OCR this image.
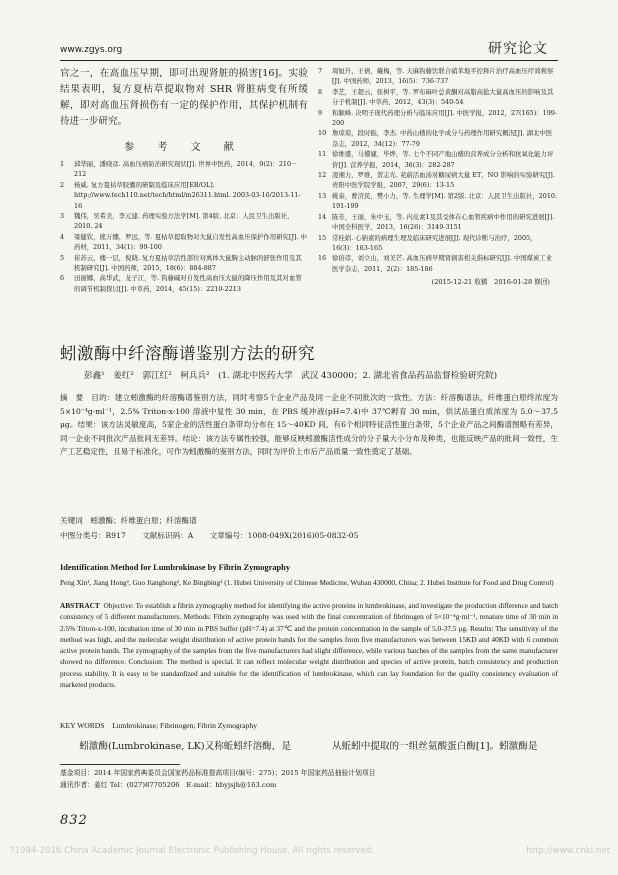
www.zgys.org	研究论文

官之一，在高血压早期，即可出现肾脏的损害[16]。实验结果表明，复方夏枯草提取物对 SHR 肾脏病变有所缓解，即对高血压肾损伤有一定的保护作用，其保护机制有待进一步研究。

参 考 文 献
1	邱华丽，潘晓彦. 高血压病防治研究现状[J]. 世界中医药，2014，9(2)：210－212
2	杨威. 复方夏枯草胶囊的研制及临床应用[EB/OL]. http://www.tech110.net/tech/html/m26311.html. 2003-03-16/2013-11-16
3	魏伟，吴希美，李元建. 药理实验方法学[M]. 第4版. 北京：人民卫生出版社，2010. 24
4	梁健钦，熊万娜，罗远，等. 夏枯草提取物对大鼠自发性高血压保护作用研究[J]. 中药材，2011，34(1)：99-100
5	崔苏云，楼一层，倪晓. 复方夏枯草活性部位对离体大鼠胸主动脉的舒张作用及其机制研究[J]. 中国药师，2015，18(6)：884-887
6	田丽娜，高华武，龙子江，等. 钩藤碱对自发性高血压大鼠的降压作用及其对血管的调节机制探讨[J]. 中草药，2014，45(15)：2210-2213
7	周旭升，王倩，戴梅，等. 天麻钩藤饮联合硝苯地平控释片治疗高血压疗效观察[J]. 中国药师，2013，16(5)：736-737
8	李艺，王超云，张树平，等. 罗布麻叶总黄酮对高脂高盐大鼠高血压的影响及其分子机制[J]. 中草药，2012，43(3)：540-54
9	和颖峰. 决明子现代药理分析与临床应用[J]. 中医学报，2012，27(165)：199-200
10 詹琼琼，段时振，李杰. 中药山楂的化学成分与药理作用研究概况[J]. 湖北中医杂志，2012，34(12)：77-79
11 徐维盛，马懂婕，毕烨，等. 七个不同产地山楂的营养成分分析和抗氧化能力评价[J]. 营养学报，2014，36(3)：282-287
12 凌湘力，罗维，贺志光. 茺蔚活血汤对糖尿病大鼠 ET、NO 影响的实验研究[J]. 贵阳中医学院学报，2007，29(6)：13-15
13 姚泰，曹济民，樊小力，等. 生理学[M]. 第2版. 北京：人民卫生出版社，2010. 191-199
14 陈芳，王丽，朱中玉，等. 内皮素1及其受体在心血管疾病中作用的研究进展[J]. 中国全科医学，2013，16(26)：3149-3151
15 常桂娟. 心钠素的病理生理及临床研究进展[J]. 现代诊断与治疗，2005，16(3)：163-165
16 徐倍彦，刘立山，刘美芒. 高血压病早期肾损害相关指标研究[J]. 中国煤炭工业医学杂志，2011，2(2)：185-186
(2015-12-21 收稿　2016-01-28 修回)
蚓激酶中纤溶酶谱鉴别方法的研究
彭鑫¹　姜红²　郭江红²　柯兵兵²　(1. 湖北中医药大学　武汉 430000；2. 湖北省食品药品监督检验研究院)
摘　要　目的：建立蚓激酶的纤溶酶谱鉴别方法，同时考察5个企业产品及同一企业不同批次的一致性。方法：纤溶酶谱法，纤维蛋白原终浓度为 5×10⁻⁴g·ml⁻¹，2.5% Triton-x-100 溶液中复性 30 min，在 PBS 缓冲液(pH=7.4)中 37℃孵育 30 min，供试品蛋白质浓度为 5.0～37.5 μg。结果：该方法灵敏度高，5家企业的活性蛋白条带均分布在 15～40KD 间，有6个相同特征活性蛋白条带，5个企业产品之间酶谱图略有差异，同一企业不同批次产品批间无差异。结论：该方法专属性较强，能够反映蚓激酶活性成分的分子量大小分布及种类，也能反映产品的批间一致性，生产工艺稳定性，且易于标准化，可作为蚓激酶的鉴别方法，同时为评价上市后产品质量一致性奠定了基础。
关键词　蚓激酶；纤维蛋白原；纤溶酶谱
中图分类号：R917 文献标识码：A 文章编号：1008-049X(2016)05-0832-05
Identification Method for Lumbrokinase by Fibrin Zymography
Peng Xin¹, Jiang Hong², Guo Jianghong², Ke Bingbing² (1. Hubei University of Chinese Medicine, Wuhan 430000, China; 2. Hubei Institute for Food and Drug Control)
ABSTRACT Objective: To establish a fibrin zymography method for identifying the active proteins in lumbrokinase, and investigate the production difference and batch consistency of 5 different manufacturers. Methods: Fibrin zymography was used with the final concentration of fibrinogen of 5×10⁻⁴g·ml⁻¹, renature time of 30 min in 2.5% Triton-x-100, incubation time of 30 min in PBS buffer (pH=7.4) at 37℃ and the protein concentration in the sample of 5.0-37.5 μg. Results: The sensitivity of the method was high, and the molecular weight distribution of active protein bands for the samples from five manufacturers was between 15KD and 40KD with 6 common active protein bands. The zymography of the samples from the five manufacturers had slight difference, while various batches of the samples from the same manufacturer showed no difference. Conclusion: The method is special. It can reflect molecular weight distribution and species of active protein, batch consistency and production process stability. It is easy to be standardized and suitable for the identification of lumbrokinase, which can lay foundation for the quality consistency evaluation of marketed products.
KEY WORDS　Lumbrokinase; Fibrinogen; Fibrin Zymography
蚓激酶(Lumbrokinase, LK)又称蚯蚓纤溶酶，是	从蚯蚓中提取的一组丝氨酸蛋白酶[1]。蚓激酶是
基金项目：2014 年国家药典委员会国家药品标准提高项目(编号：275)；2015 年国家药品抽验计划项目
通讯作者：姜红 Tel：(027)87705206　E-mail：hbyjsjh@163.com
832
?1994-2016 China Academic Journal Electronic Publishing House. All rights reserved.	http://www.cnki.net
